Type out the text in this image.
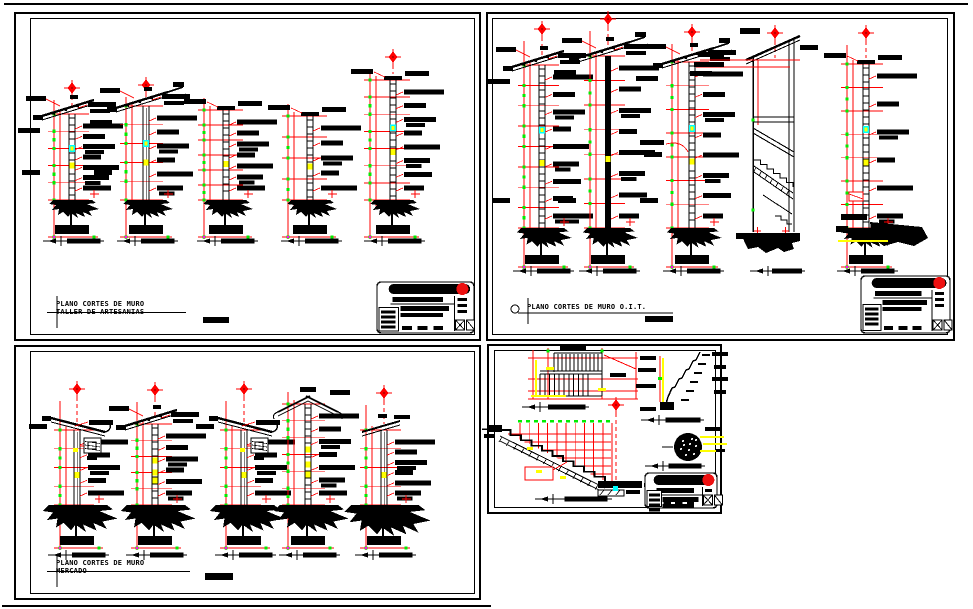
PLANO CORTES DE MURO
TALLER DE ARTESANIAS
PLANO CORTES DE MURO O.I.T.
PLANO CORTES DE MURO
MERCADO
